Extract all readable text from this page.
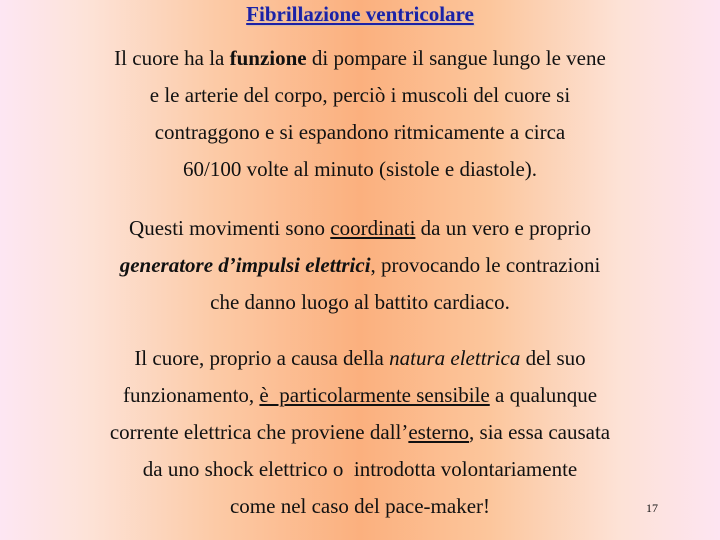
Fibrillazione ventricolare

Il cuore ha la funzione di pompare il sangue lungo le vene
e le arterie del corpo, perciò i muscoli del cuore si
contraggono e si espandono ritmicamente a circa
60/100 volte al minuto (sistole e diastole).

Questi movimenti sono coordinati da un vero e proprio
generatore d’impulsi elettrici, provocando le contrazioni
che danno luogo al battito cardiaco.

Il cuore, proprio a causa della natura elettrica del suo
funzionamento, è  particolarmente sensibile a qualunque
corrente elettrica che proviene dall’esterno, sia essa causata
da uno shock elettrico o  introdotta volontariamente
come nel caso del pace-maker!	17
